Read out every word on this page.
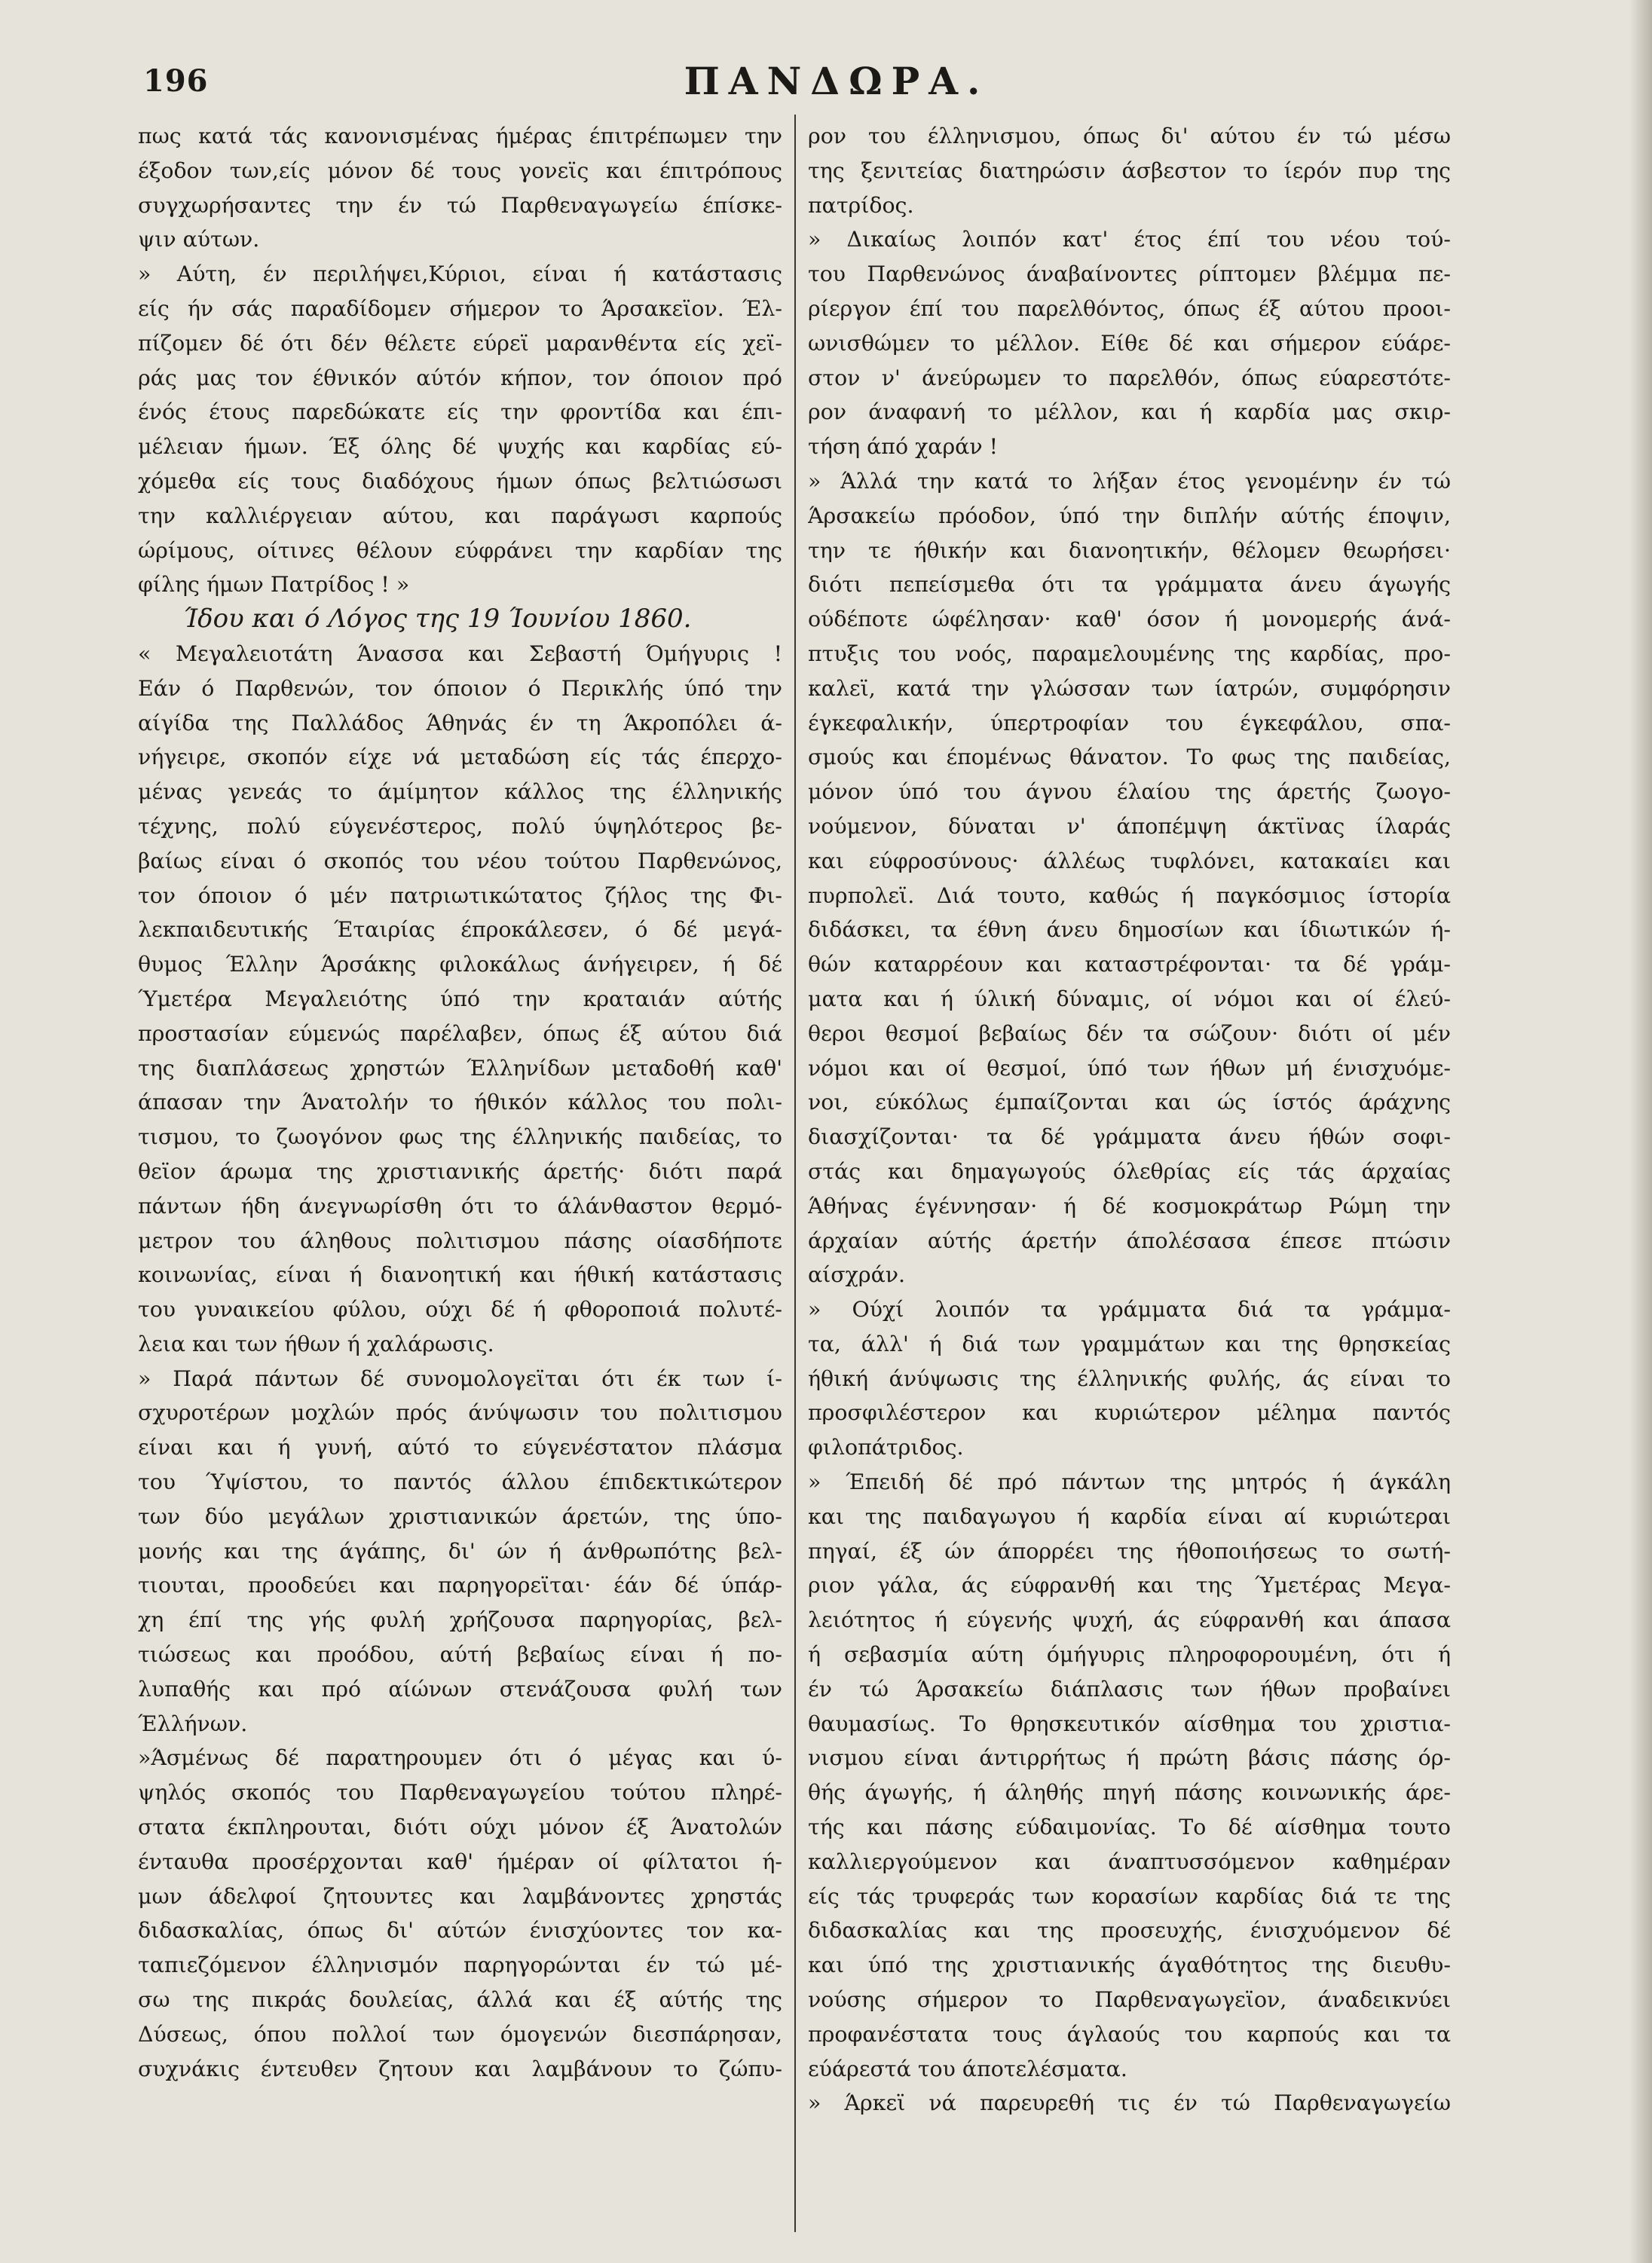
196	ΠΑΝΔΩΡΑ.
πως κατά τάς κανονισμένας ήμέρας έπιτρέπωμεν την
έξοδον των,είς μόνον δέ τους γονεϊς και έπιτρόπους
συγχωρήσαντες την έν τώ Παρθεναγωγείω έπίσκε-
ψιν αύτων.
» Αύτη, έν περιλήψει,Κύριοι, είναι ή κατάστασις
είς ήν σάς παραδίδομεν σήμερον το Άρσακεϊον. Έλ-
πίζομεν δέ ότι δέν θέλετε εύρεϊ μαρανθέντα είς χεϊ-
ράς μας τον έθνικόν αύτόν κήπον, τον όποιον πρό
ένός έτους παρεδώκατε είς την φροντίδα και έπι-
μέλειαν ήμων. Έξ όλης δέ ψυχής και καρδίας εύ-
χόμεθα είς τους διαδόχους ήμων όπως βελτιώσωσι
την καλλιέργειαν αύτου, και παράγωσι καρπούς
ώρίμους, οίτινες θέλουν εύφράνει την καρδίαν της
φίλης ήμων Πατρίδος ! »
Ίδου και ό Λόγος της 19 Ίουνίου 1860.
« Μεγαλειοτάτη Άνασσα και Σεβαστή Όμήγυρις !
Εάν ό Παρθενών, τον όποιον ό Περικλής ύπό την
αίγίδα της Παλλάδος Άθηνάς έν τη Άκροπόλει ά-
νήγειρε, σκοπόν είχε νά μεταδώση είς τάς έπερχο-
μένας γενεάς το άμίμητον κάλλος της έλληνικής
τέχνης, πολύ εύγενέστερος, πολύ ύψηλότερος βε-
βαίως είναι ό σκοπός του νέου τούτου Παρθενώνος,
τον όποιον ό μέν πατριωτικώτατος ζήλος της Φι-
λεκπαιδευτικής Έταιρίας έπροκάλεσεν, ό δέ μεγά-
θυμος Έλλην Άρσάκης φιλοκάλως άνήγειρεν, ή δέ
Ύμετέρα Μεγαλειότης ύπό την κραταιάν αύτής
προστασίαν εύμενώς παρέλαβεν, όπως έξ αύτου διά
της διαπλάσεως χρηστών Έλληνίδων μεταδοθή καθ'
άπασαν την Άνατολήν το ήθικόν κάλλος του πολι-
τισμου, το ζωογόνον φως της έλληνικής παιδείας, το
θεϊον άρωμα της χριστιανικής άρετής· διότι παρά
πάντων ήδη άνεγνωρίσθη ότι το άλάνθαστον θερμό-
μετρον του άληθους πολιτισμου πάσης οίασδήποτε
κοινωνίας, είναι ή διανοητική και ήθική κατάστασις
του γυναικείου φύλου, ούχι δέ ή φθοροποιά πολυτέ-
λεια και των ήθων ή χαλάρωσις.
» Παρά πάντων δέ συνομολογεϊται ότι έκ των ί-
σχυροτέρων μοχλών πρός άνύψωσιν του πολιτισμου
είναι και ή γυνή, αύτό το εύγενέστατον πλάσμα
του Ύψίστου, το παντός άλλου έπιδεκτικώτερον
των δύο μεγάλων χριστιανικών άρετών, της ύπο-
μονής και της άγάπης, δι' ών ή άνθρωπότης βελ-
τιουται, προοδεύει και παρηγορεϊται· έάν δέ ύπάρ-
χη έπί της γής φυλή χρήζουσα παρηγορίας, βελ-
τιώσεως και προόδου, αύτή βεβαίως είναι ή πο-
λυπαθής και πρό αίώνων στενάζουσα φυλή των
Έλλήνων.
»Άσμένως δέ παρατηρουμεν ότι ό μέγας και ύ-
ψηλός σκοπός του Παρθεναγωγείου τούτου πληρέ-
στατα έκπληρουται, διότι ούχι μόνον έξ Άνατολών
ένταυθα προσέρχονται καθ' ήμέραν οί φίλτατοι ή-
μων άδελφοί ζητουντες και λαμβάνοντες χρηστάς
διδασκαλίας, όπως δι' αύτών ένισχύοντες τον κα-
ταπιεζόμενον έλληνισμόν παρηγορώνται έν τώ μέ-
σω της πικράς δουλείας, άλλά και έξ αύτής της
Δύσεως, όπου πολλοί των όμογενών διεσπάρησαν,
συχνάκις έντευθεν ζητουν και λαμβάνουν το ζώπυ-
ρον του έλληνισμου, όπως δι' αύτου έν τώ μέσω
της ξενιτείας διατηρώσιν άσβεστον το ίερόν πυρ της
πατρίδος.
» Δικαίως λοιπόν κατ' έτος έπί του νέου τού-
του Παρθενώνος άναβαίνοντες ρίπτομεν βλέμμα πε-
ρίεργον έπί του παρελθόντος, όπως έξ αύτου προοι-
ωνισθώμεν το μέλλον. Είθε δέ και σήμερον εύάρε-
στον ν' άνεύρωμεν το παρελθόν, όπως εύαρεστότε-
ρον άναφανή το μέλλον, και ή καρδία μας σκιρ-
τήση άπό χαράν !
» Άλλά την κατά το λήξαν έτος γενομένην έν τώ
Άρσακείω πρόοδον, ύπό την διπλήν αύτής έποψιν,
την τε ήθικήν και διανοητικήν, θέλομεν θεωρήσει·
διότι πεπείσμεθα ότι τα γράμματα άνευ άγωγής
ούδέποτε ώφέλησαν· καθ' όσον ή μονομερής άνά-
πτυξις του νοός, παραμελουμένης της καρδίας, προ-
καλεϊ, κατά την γλώσσαν των ίατρών, συμφόρησιν
έγκεφαλικήν, ύπερτροφίαν του έγκεφάλου, σπα-
σμούς και έπομένως θάνατον. Το φως της παιδείας,
μόνον ύπό του άγνου έλαίου της άρετής ζωογο-
νούμενον, δύναται ν' άποπέμψη άκτϊνας ίλαράς
και εύφροσύνους· άλλέως τυφλόνει, κατακαίει και
πυρπολεϊ. Διά τουτο, καθώς ή παγκόσμιος ίστορία
διδάσκει, τα έθνη άνευ δημοσίων και ίδιωτικών ή-
θών καταρρέουν και καταστρέφονται· τα δέ γράμ-
ματα και ή ύλική δύναμις, οί νόμοι και οί έλεύ-
θεροι θεσμοί βεβαίως δέν τα σώζουν· διότι οί μέν
νόμοι και οί θεσμοί, ύπό των ήθων μή ένισχυόμε-
νοι, εύκόλως έμπαίζονται και ώς ίστός άράχνης
διασχίζονται· τα δέ γράμματα άνευ ήθών σοφι-
στάς και δημαγωγούς όλεθρίας είς τάς άρχαίας
Άθήνας έγέννησαν· ή δέ κοσμοκράτωρ Ρώμη την
άρχαίαν αύτής άρετήν άπολέσασα έπεσε πτώσιν
αίσχράν.
» Ούχί λοιπόν τα γράμματα διά τα γράμμα-
τα, άλλ' ή διά των γραμμάτων και της θρησκείας
ήθική άνύψωσις της έλληνικής φυλής, άς είναι το
προσφιλέστερον και κυριώτερον μέλημα παντός
φιλοπάτριδος.
» Έπειδή δέ πρό πάντων της μητρός ή άγκάλη
και της παιδαγωγου ή καρδία είναι αί κυριώτεραι
πηγαί, έξ ών άπορρέει της ήθοποιήσεως το σωτή-
ριον γάλα, άς εύφρανθή και της Ύμετέρας Μεγα-
λειότητος ή εύγενής ψυχή, άς εύφρανθή και άπασα
ή σεβασμία αύτη όμήγυρις πληροφορουμένη, ότι ή
έν τώ Άρσακείω διάπλασις των ήθων προβαίνει
θαυμασίως. Το θρησκευτικόν αίσθημα του χριστια-
νισμου είναι άντιρρήτως ή πρώτη βάσις πάσης όρ-
θής άγωγής, ή άληθής πηγή πάσης κοινωνικής άρε-
τής και πάσης εύδαιμονίας. Το δέ αίσθημα τουτο
καλλιεργούμενον και άναπτυσσόμενον καθημέραν
είς τάς τρυφεράς των κορασίων καρδίας διά τε της
διδασκαλίας και της προσευχής, ένισχυόμενον δέ
και ύπό της χριστιανικής άγαθότητος της διευθυ-
νούσης σήμερον το Παρθεναγωγεϊον, άναδεικνύει
προφανέστατα τους άγλαούς του καρπούς και τα
εύάρεστά του άποτελέσματα.
» Άρκεϊ νά παρευρεθή τις έν τώ Παρθεναγωγείω
